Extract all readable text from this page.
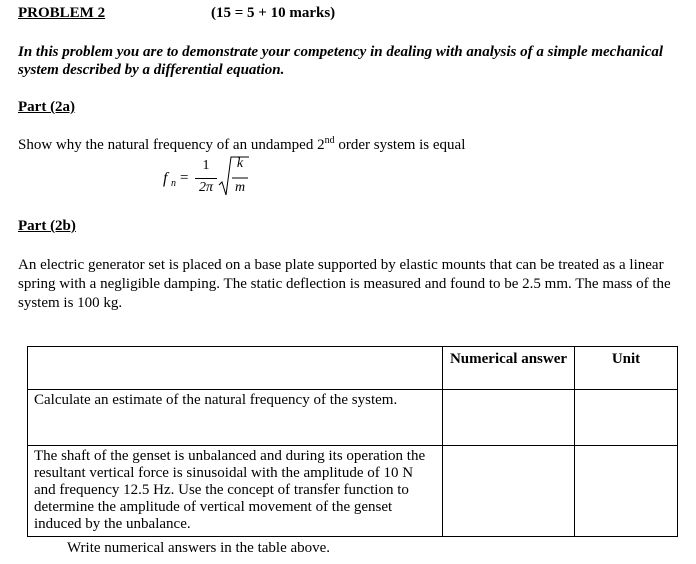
PROBLEM 2	(15 = 5 + 10 marks)
In this problem you are to demonstrate your competency in dealing with analysis of a simple mechanical system described by a differential equation.
Part (2a)
Show why the natural frequency of an undamped 2nd order system is equal
f n =
1
2π
k
m
Part (2b)
An electric generator set is placed on a base plate supported by elastic mounts that can be treated as a linear spring with a negligible damping. The static deflection is measured and found to be 2.5 mm. The mass of the system is 100 kg.
	Numerical answer	Unit
Calculate an estimate of the natural frequency of the system.		
The shaft of the genset is unbalanced and during its operation the resultant vertical force is sinusoidal with the amplitude of 10 N and frequency 12.5 Hz. Use the concept of transfer function to determine the amplitude of vertical movement of the genset induced by the unbalance.		
Write numerical answers in the table above.
